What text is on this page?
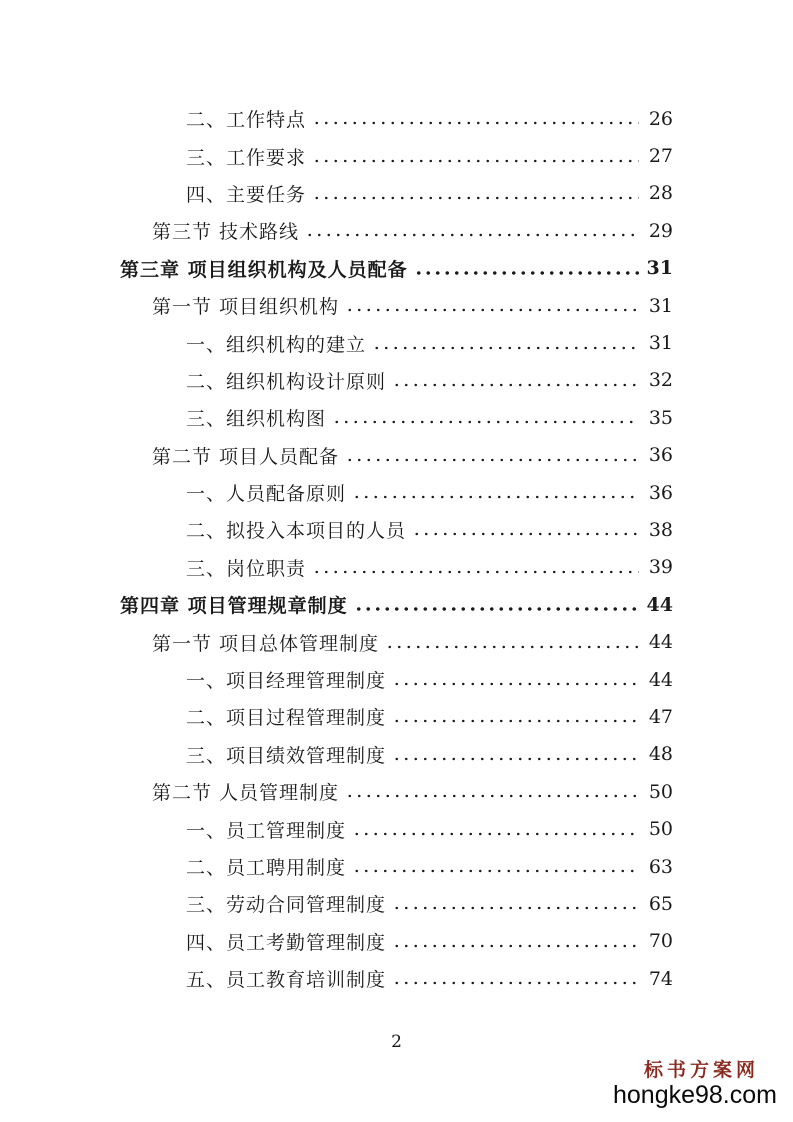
二、工作特点	26
三、工作要求	27
四、主要任务	28
第三节 技术路线	29
第三章 项目组织机构及人员配备	31
第一节 项目组织机构	31
一、组织机构的建立	31
二、组织机构设计原则	32
三、组织机构图	35
第二节 项目人员配备	36
一、人员配备原则	36
二、拟投入本项目的人员	38
三、岗位职责	39
第四章 项目管理规章制度	44
第一节 项目总体管理制度	44
一、项目经理管理制度	44
二、项目过程管理制度	47
三、项目绩效管理制度	48
第二节 人员管理制度	50
一、员工管理制度	50
二、员工聘用制度	63
三、劳动合同管理制度	65
四、员工考勤管理制度	70
五、员工教育培训制度	74
2
标书方案网
hongke98.com
